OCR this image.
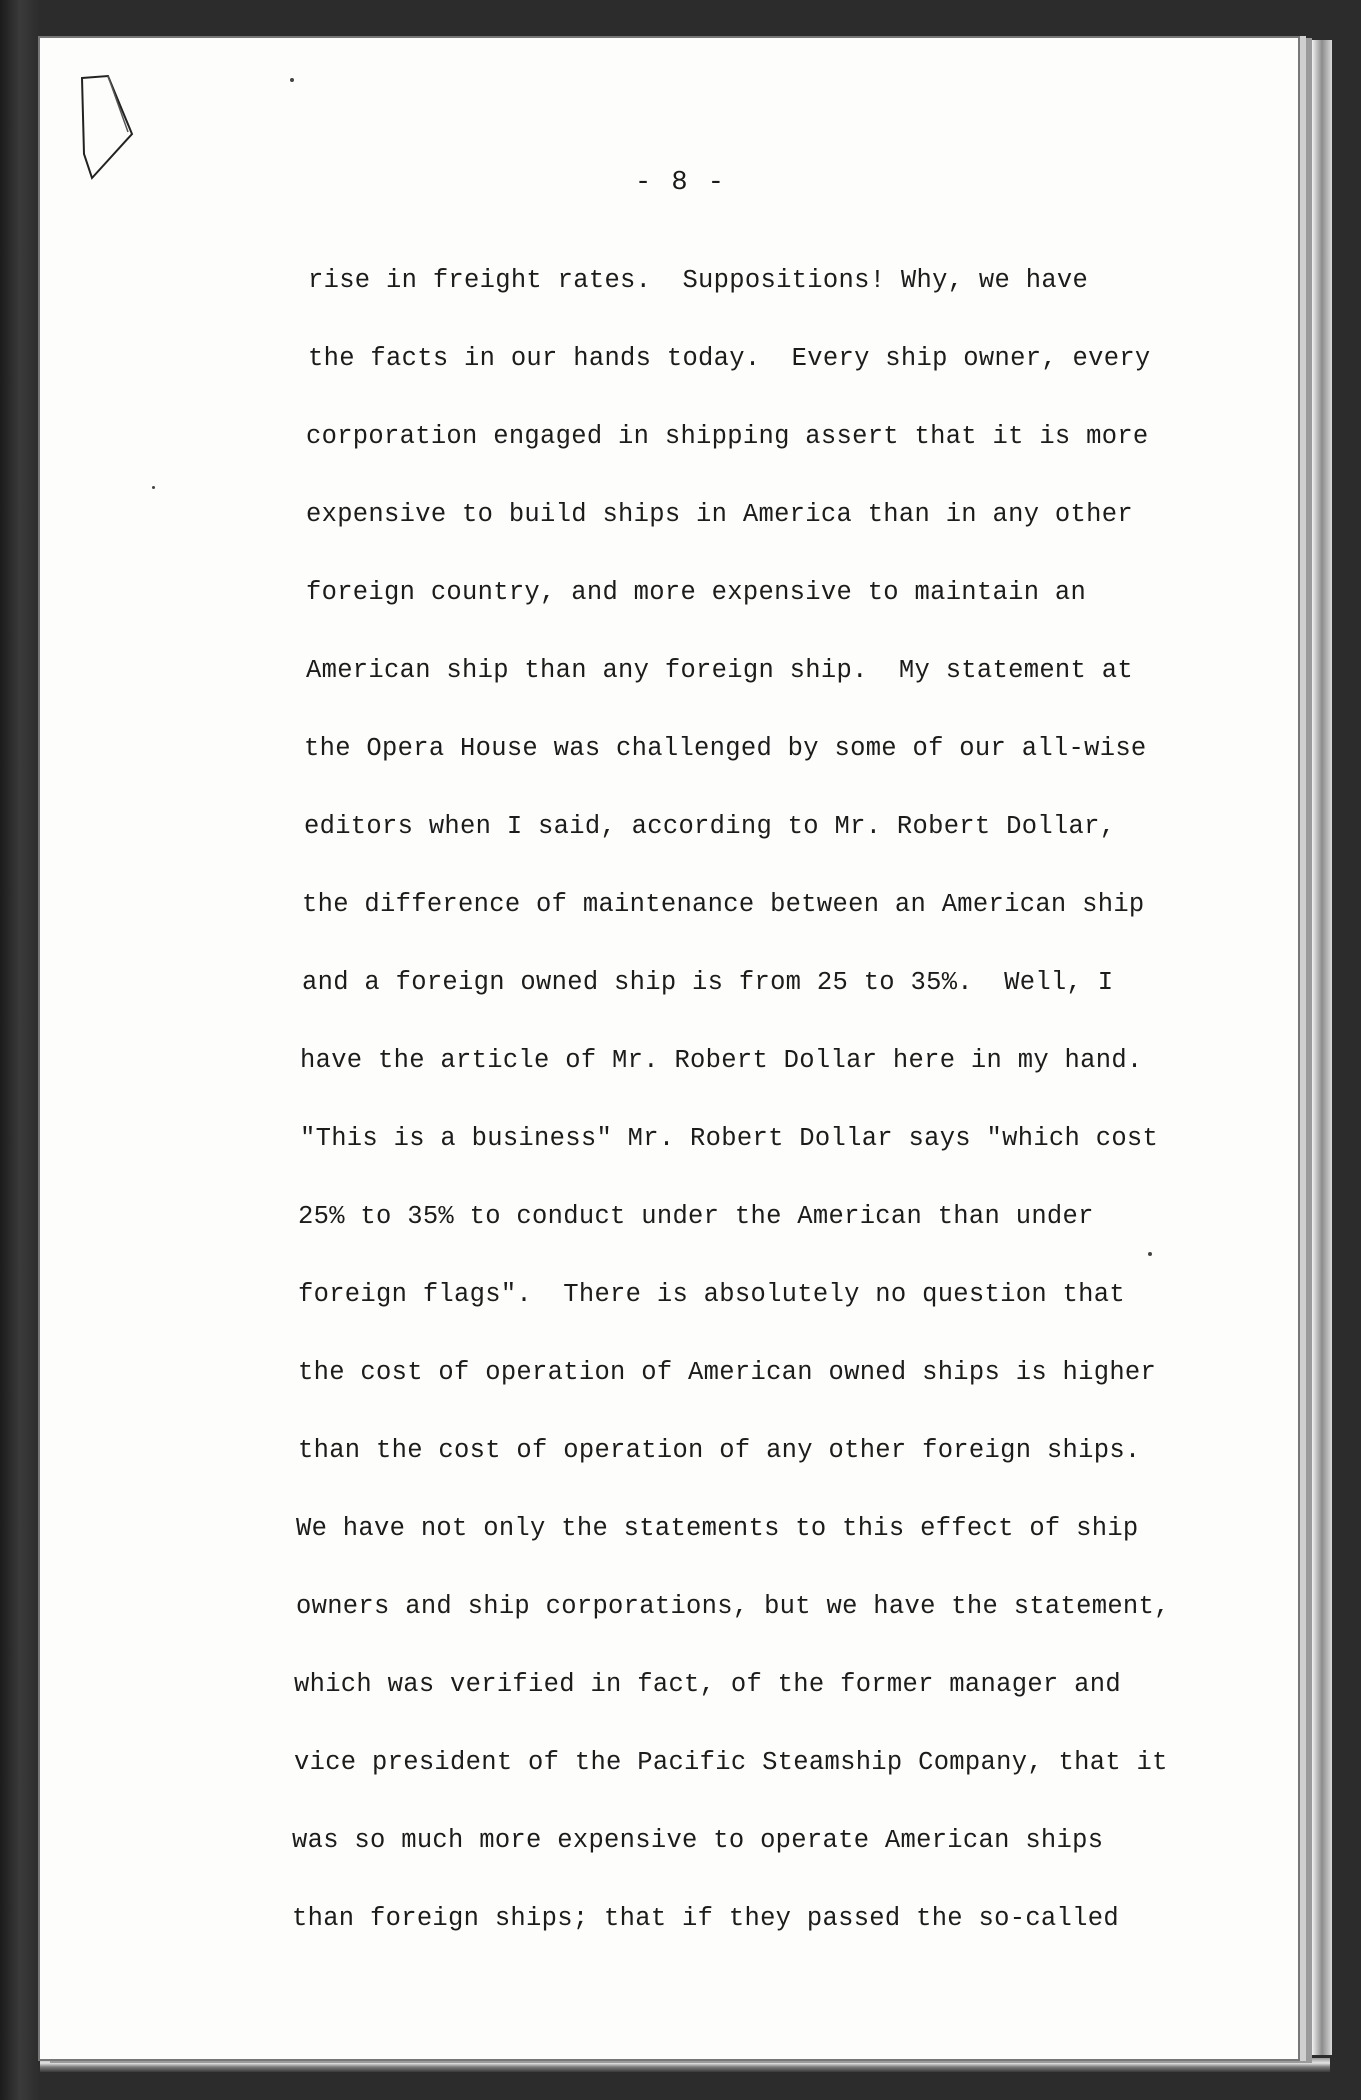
- 8 -
rise in freight rates.  Suppositions! Why, we have
the facts in our hands today.  Every ship owner, every
corporation engaged in shipping assert that it is more
expensive to build ships in America than in any other
foreign country, and more expensive to maintain an
American ship than any foreign ship.  My statement at
the Opera House was challenged by some of our all-wise
editors when I said, according to Mr. Robert Dollar,
the difference of maintenance between an American ship
and a foreign owned ship is from 25 to 35%.  Well, I
have the article of Mr. Robert Dollar here in my hand.
"This is a business" Mr. Robert Dollar says "which cost
25% to 35% to conduct under the American than under
foreign flags".  There is absolutely no question that
the cost of operation of American owned ships is higher
than the cost of operation of any other foreign ships.
We have not only the statements to this effect of ship
owners and ship corporations, but we have the statement,
which was verified in fact, of the former manager and
vice president of the Pacific Steamship Company, that it
was so much more expensive to operate American ships
than foreign ships; that if they passed the so-called
